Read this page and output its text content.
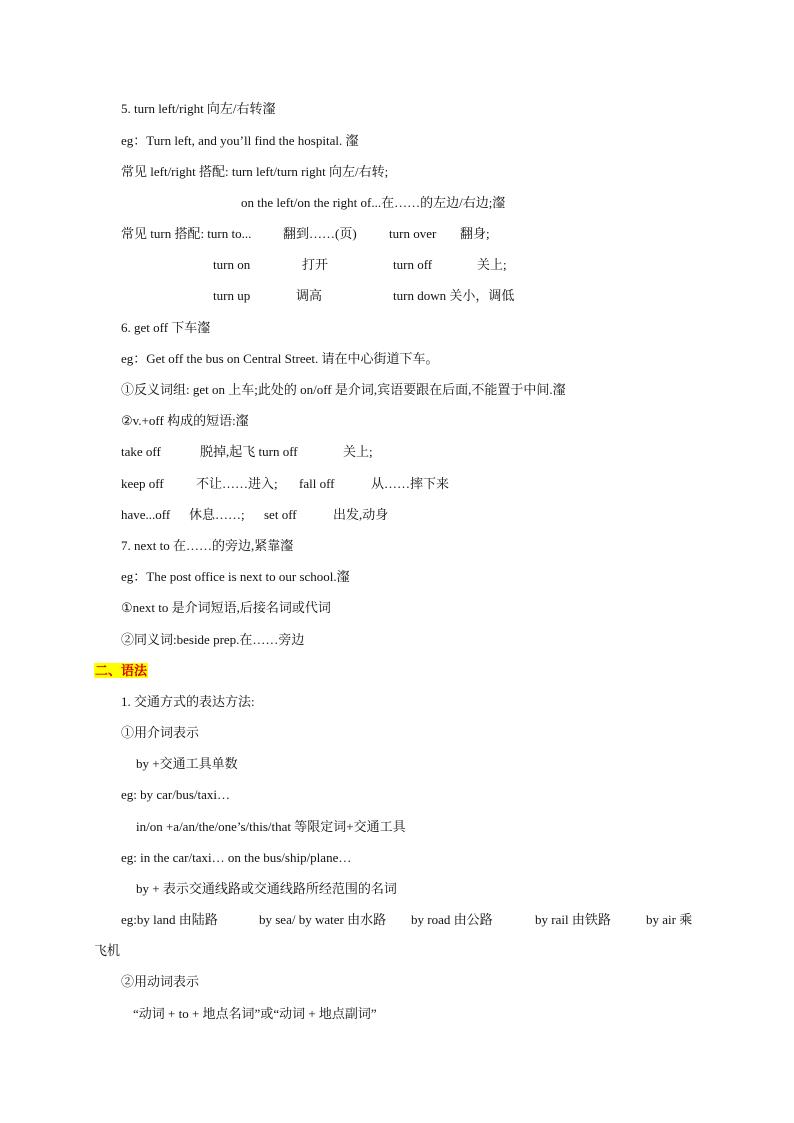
5. turn left/right 向左/右转瀣
eg：Turn left, and you’ll find the hospital. 瀣
常见 left/right 搭配: turn left/turn right 向左/右转;
on the left/on the right of...在……的左边/右边;瀣
常见 turn 搭配: turn to... 翻到……(页) turn over 翻身;
turn on	打开	turn off	关上;
turn up	调高	turn down 关小，调低
6. get off 下车瀣
eg：Get off the bus on Central Street. 请在中心街道下车。
①反义词组: get on 上车;此处的 on/off 是介词,宾语要跟在后面,不能置于中间.瀣
②v.+off 构成的短语:瀣
take off	脱掉,起飞 turn off	关上;
keep off 不让……进入; fall off	从……摔下来
have...off 休息……; set off	出发,动身
7. next to 在……的旁边,紧靠瀣
eg：The post office is next to our school.瀣
①next to 是介词短语,后接名词或代词
②同义词:beside prep.在……旁边
二、语法
1. 交通方式的表达方法:
①用介词表示
by +交通工具单数
eg: by car/bus/taxi…
in/on +a/an/the/one’s/this/that 等限定词+交通工具
eg: in the car/taxi… on the bus/ship/plane…
by + 表示交通线路或交通线路所经范围的名词
eg:by land 由陆路	by sea/ by water 由水路 by road 由公路	by rail 由铁路	by air 乘
飞机
②用动词表示
“动词 + to + 地点名词”或“动词 + 地点副词”
